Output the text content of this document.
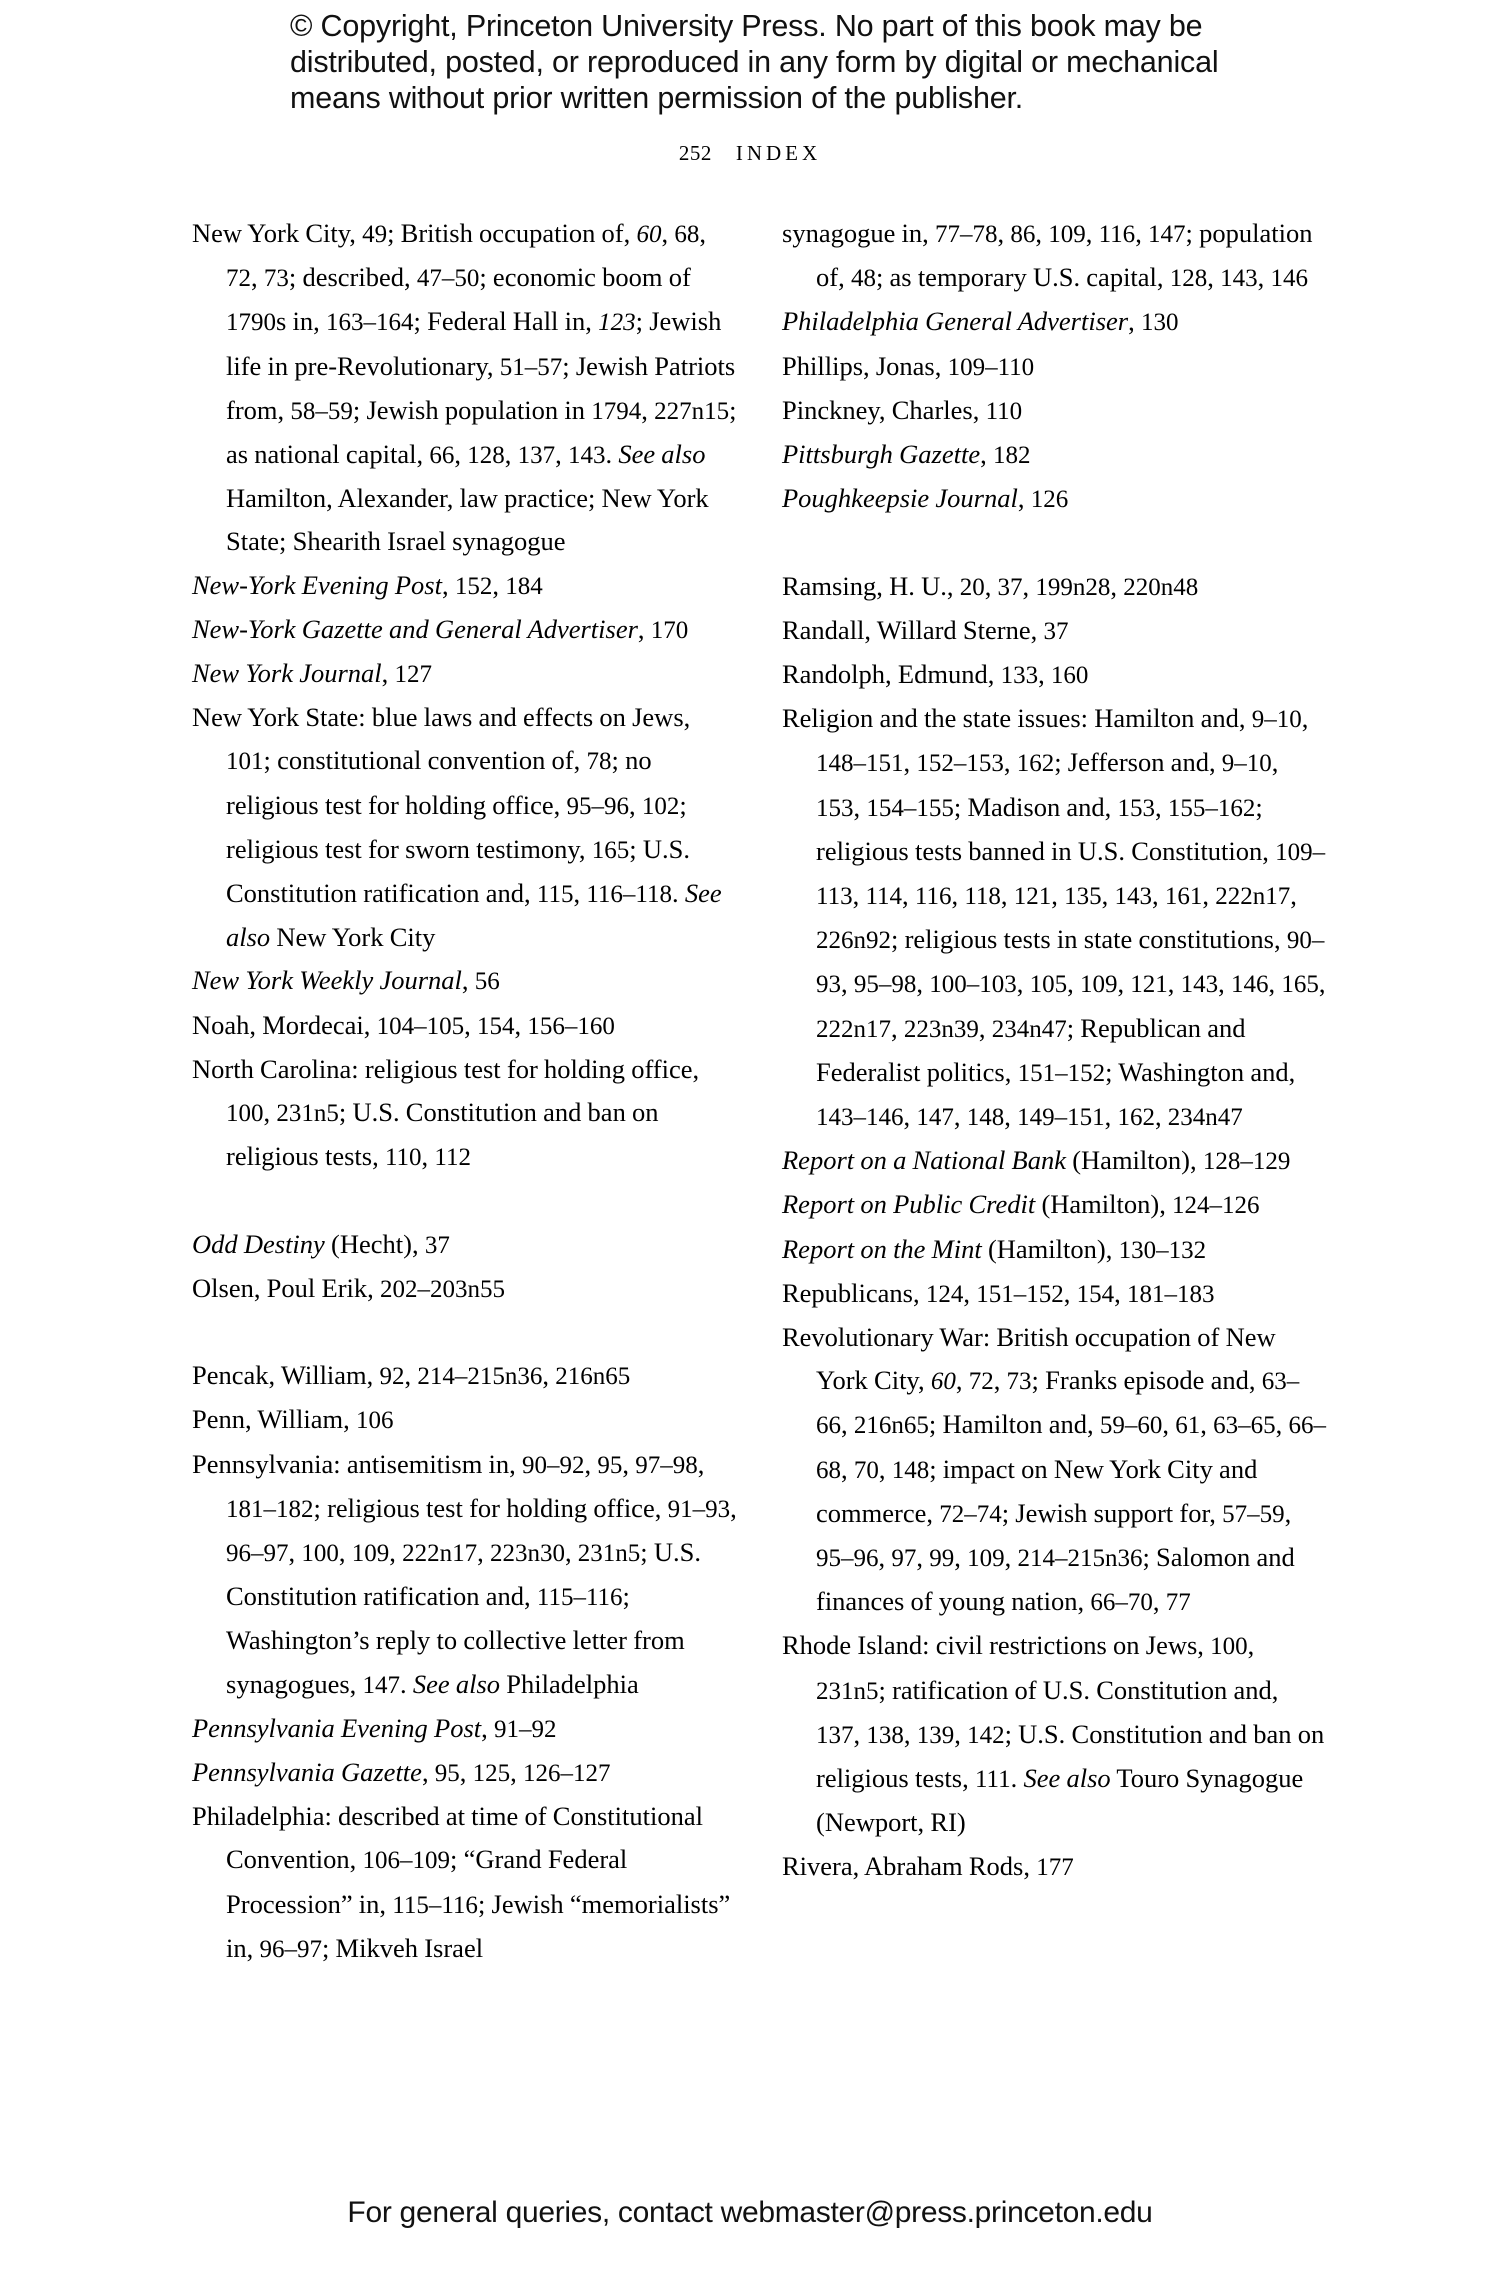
© Copyright, Princeton University Press. No part of this book may be
distributed, posted, or reproduced in any form by digital or mechanical
means without prior written permission of the publisher.
252 INDEX

New York City, 49; British occupation of, 60, 68, 72, 73; described, 47–50; economic boom of 1790s in, 163–164; Federal Hall in, 123; Jewish life in pre-Revolutionary, 51–57; Jewish Patriots from, 58–59; Jewish population in 1794, 227n15; as national capital, 66, 128, 137, 143. See also Hamilton, Alexander, law practice; New York State; Shearith Israel synagogue

New-York Evening Post, 152, 184

New-York Gazette and General Advertiser, 170

New York Journal, 127

New York State: blue laws and effects on Jews, 101; constitutional convention of, 78; no religious test for holding office, 95–96, 102; religious test for sworn testimony, 165; U.S. Constitution ratification and, 115, 116–118. See also New York City

New York Weekly Journal, 56

Noah, Mordecai, 104–105, 154, 156–160

North Carolina: religious test for holding office, 100, 231n5; U.S. Constitution and ban on religious tests, 110, 112

Odd Destiny (Hecht), 37

Olsen, Poul Erik, 202–203n55

Pencak, William, 92, 214–215n36, 216n65

Penn, William, 106

Pennsylvania: antisemitism in, 90–92, 95, 97–98, 181–182; religious test for holding office, 91–93, 96–97, 100, 109, 222n17, 223n30, 231n5; U.S. Constitution ratification and, 115–116; Washington’s reply to collective letter from synagogues, 147. See also Philadelphia

Pennsylvania Evening Post, 91–92

Pennsylvania Gazette, 95, 125, 126–127

Philadelphia: described at time of Constitutional Convention, 106–109; “Grand Federal Procession” in, 115–116; Jewish “memorialists” in, 96–97; Mikveh Israel

synagogue in, 77–78, 86, 109, 116, 147; population of, 48; as temporary U.S. capital, 128, 143, 146

Philadelphia General Advertiser, 130

Phillips, Jonas, 109–110

Pinckney, Charles, 110

Pittsburgh Gazette, 182

Poughkeepsie Journal, 126

Ramsing, H. U., 20, 37, 199n28, 220n48

Randall, Willard Sterne, 37

Randolph, Edmund, 133, 160

Religion and the state issues: Hamilton and, 9–10, 148–151, 152–153, 162; Jefferson and, 9–10, 153, 154–155; Madison and, 153, 155–162; religious tests banned in U.S. Constitution, 109–113, 114, 116, 118, 121, 135, 143, 161, 222n17, 226n92; religious tests in state constitutions, 90–93, 95–98, 100–103, 105, 109, 121, 143, 146, 165, 222n17, 223n39, 234n47; Republican and Federalist politics, 151–152; Washington and, 143–146, 147, 148, 149–151, 162, 234n47

Report on a National Bank (Hamilton), 128–129

Report on Public Credit (Hamilton), 124–126

Report on the Mint (Hamilton), 130–132

Republicans, 124, 151–152, 154, 181–183

Revolutionary War: British occupation of New York City, 60, 72, 73; Franks episode and, 63–66, 216n65; Hamilton and, 59–60, 61, 63–65, 66–68, 70, 148; impact on New York City and commerce, 72–74; Jewish support for, 57–59, 95–96, 97, 99, 109, 214–215n36; Salomon and finances of young nation, 66–70, 77

Rhode Island: civil restrictions on Jews, 100, 231n5; ratification of U.S. Constitution and, 137, 138, 139, 142; U.S. Constitution and ban on religious tests, 111. See also Touro Synagogue (Newport, RI)

Rivera, Abraham Rods, 177

For general queries, contact webmaster@press.princeton.edu
